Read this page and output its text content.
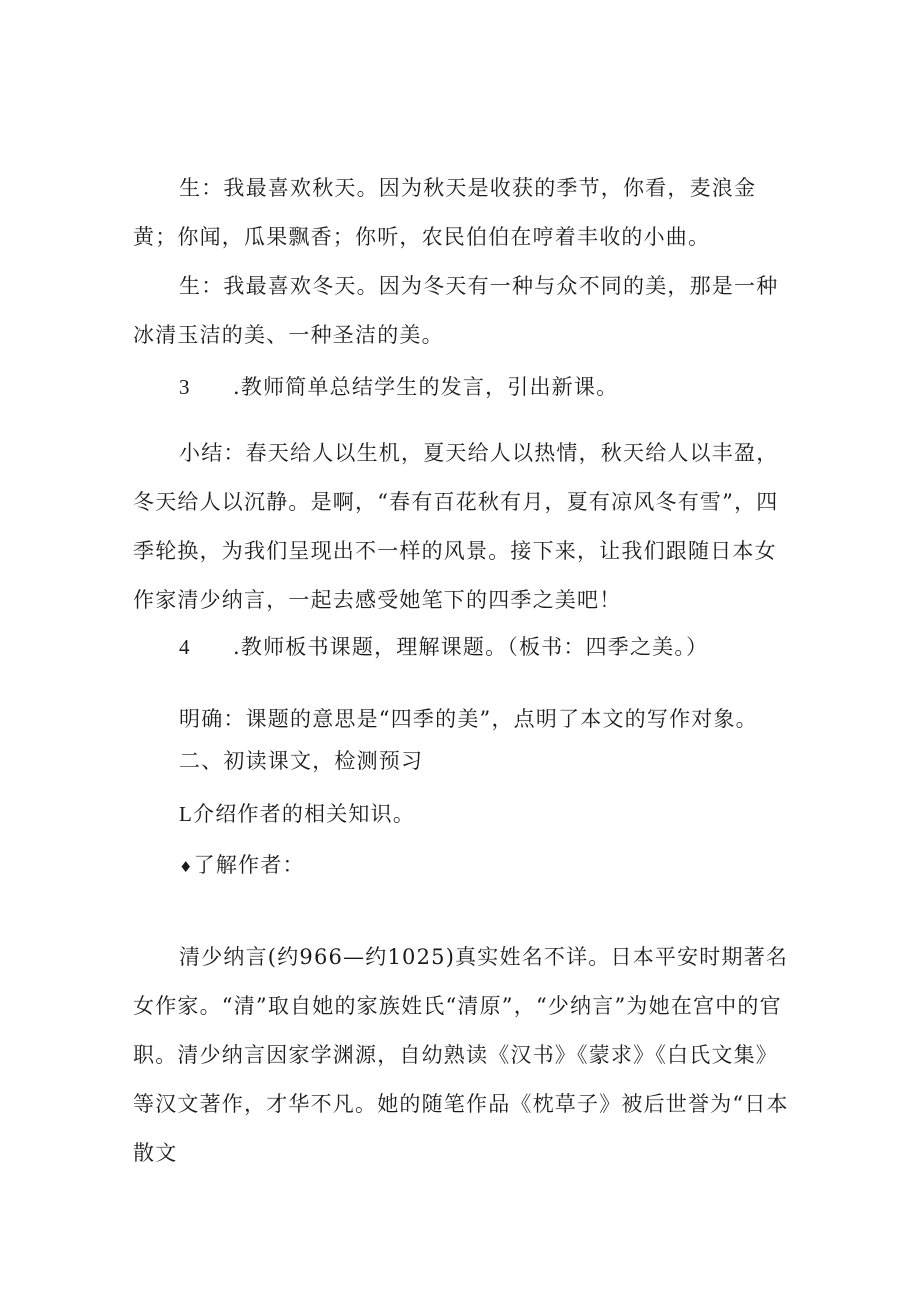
生：我最喜欢秋天。因为秋天是收获的季节，你看，麦浪金黄；你闻，瓜果飘香；你听，农民伯伯在哼着丰收的小曲。

生：我最喜欢冬天。因为冬天有一种与众不同的美，那是一种冰清玉洁的美、一种圣洁的美。

3 .教师简单总结学生的发言，引出新课。

小结：春天给人以生机，夏天给人以热情，秋天给人以丰盈，冬天给人以沉静。是啊，“春有百花秋有月，夏有凉风冬有雪”，四季轮换，为我们呈现出不一样的风景。接下来，让我们跟随日本女作家清少纳言，一起去感受她笔下的四季之美吧！

4 .教师板书课题，理解课题。（板书：四季之美。）

明确：课题的意思是“四季的美”，点明了本文的写作对象。

二、初读课文，检测预习

L介绍作者的相关知识。

♦了解作者：

清少纳言(约966—约1025)真实姓名不详。日本平安时期著名女作家。“清”取自她的家族姓氏“清原”，“少纳言”为她在宫中的官职。清少纳言因家学渊源，自幼熟读《汉书》《蒙求》《白氏文集》等汉文著作，才华不凡。她的随笔作品《枕草子》被后世誉为“日本散文
